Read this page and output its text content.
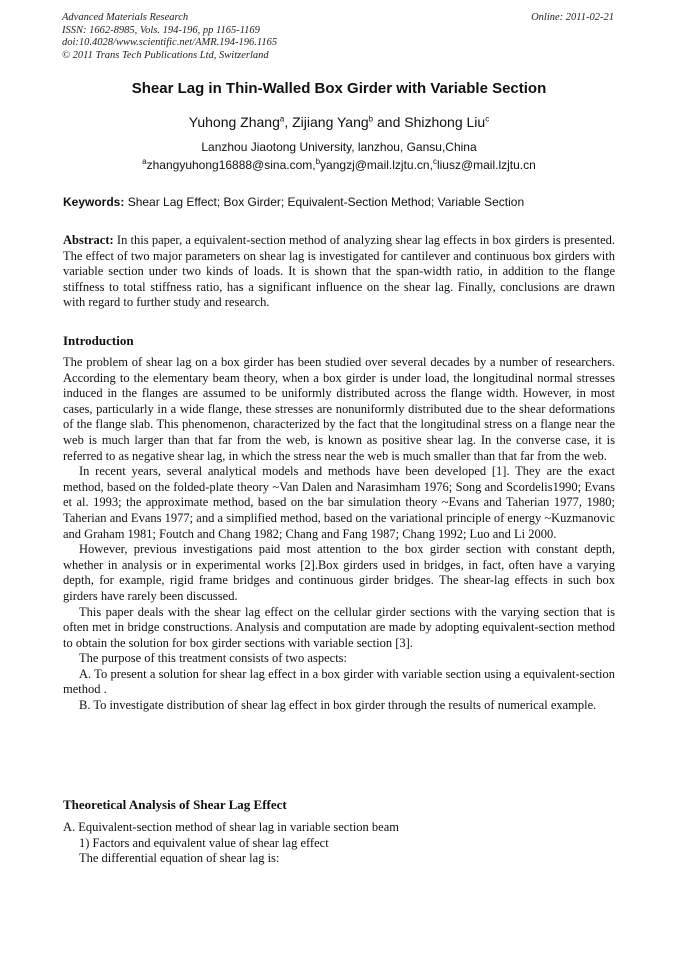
Advanced Materials Research
ISSN: 1662-8985, Vols. 194-196, pp 1165-1169
doi:10.4028/www.scientific.net/AMR.194-196.1165
© 2011 Trans Tech Publications Ltd, Switzerland
Online: 2011-02-21
Shear Lag in Thin-Walled Box Girder with Variable Section
Yuhong Zhang$^a$, Zijiang Yang$^b$ and Shizhong Liu$^c$
Lanzhou Jiaotong University, lanzhou, Gansu,China
$^a$zhangyuhong16888@sina.com,$^b$yangzj@mail.lzjtu.cn,$^c$liusz@mail.lzjtu.cn
Keywords: Shear Lag Effect; Box Girder; Equivalent-Section Method; Variable Section

Abstract: In this paper, a equivalent-section method of analyzing shear lag effects in box girders is presented. The effect of two major parameters on shear lag is investigated for cantilever and continuous box girders with variable section under two kinds of loads. It is shown that the span-width ratio, in addition to the flange stiffness to total stiffness ratio, has a significant influence on the shear lag. Finally, conclusions are drawn with regard to further study and research.

Introduction

The problem of shear lag on a box girder has been studied over several decades by a number of researchers. According to the elementary beam theory, when a box girder is under load, the longitudinal normal stresses induced in the flanges are assumed to be uniformly distributed across the flange width. However, in most cases, particularly in a wide flange, these stresses are nonuniformly distributed due to the shear deformations of the flange slab. This phenomenon, characterized by the fact that the longitudinal stress on a flange near the web is much larger than that far from the web, is known as positive shear lag. In the converse case, it is referred to as negative shear lag, in which the stress near the web is much smaller than that far from the web.

In recent years, several analytical models and methods have been developed [1]. They are the exact method, based on the folded-plate theory ~Van Dalen and Narasimham 1976; Song and Scordelis1990; Evans et al. 1993; the approximate method, based on the bar simulation theory ~Evans and Taherian 1977, 1980; Taherian and Evans 1977; and a simplified method, based on the variational principle of energy ~Kuzmanovic and Graham 1981; Foutch and Chang 1982; Chang and Fang 1987; Chang 1992; Luo and Li 2000.

However, previous investigations paid most attention to the box girder section with constant depth, whether in analysis or in experimental works [2].Box girders used in bridges, in fact, often have a varying depth, for example, rigid frame bridges and continuous girder bridges. The shear-lag effects in such box girders have rarely been discussed.

This paper deals with the shear lag effect on the cellular girder sections with the varying section that is often met in bridge constructions. Analysis and computation are made by adopting equivalent-section method to obtain the solution for box girder sections with variable section [3].

The purpose of this treatment consists of two aspects:

A. To present a solution for shear lag effect in a box girder with variable section using a equivalent-section method .

B. To investigate distribution of shear lag effect in box girder through the results of numerical example.

Theoretical Analysis of Shear Lag Effect

A. Equivalent-section method of shear lag in variable section beam

1) Factors and equivalent value of shear lag effect

The differential equation of shear lag is:
